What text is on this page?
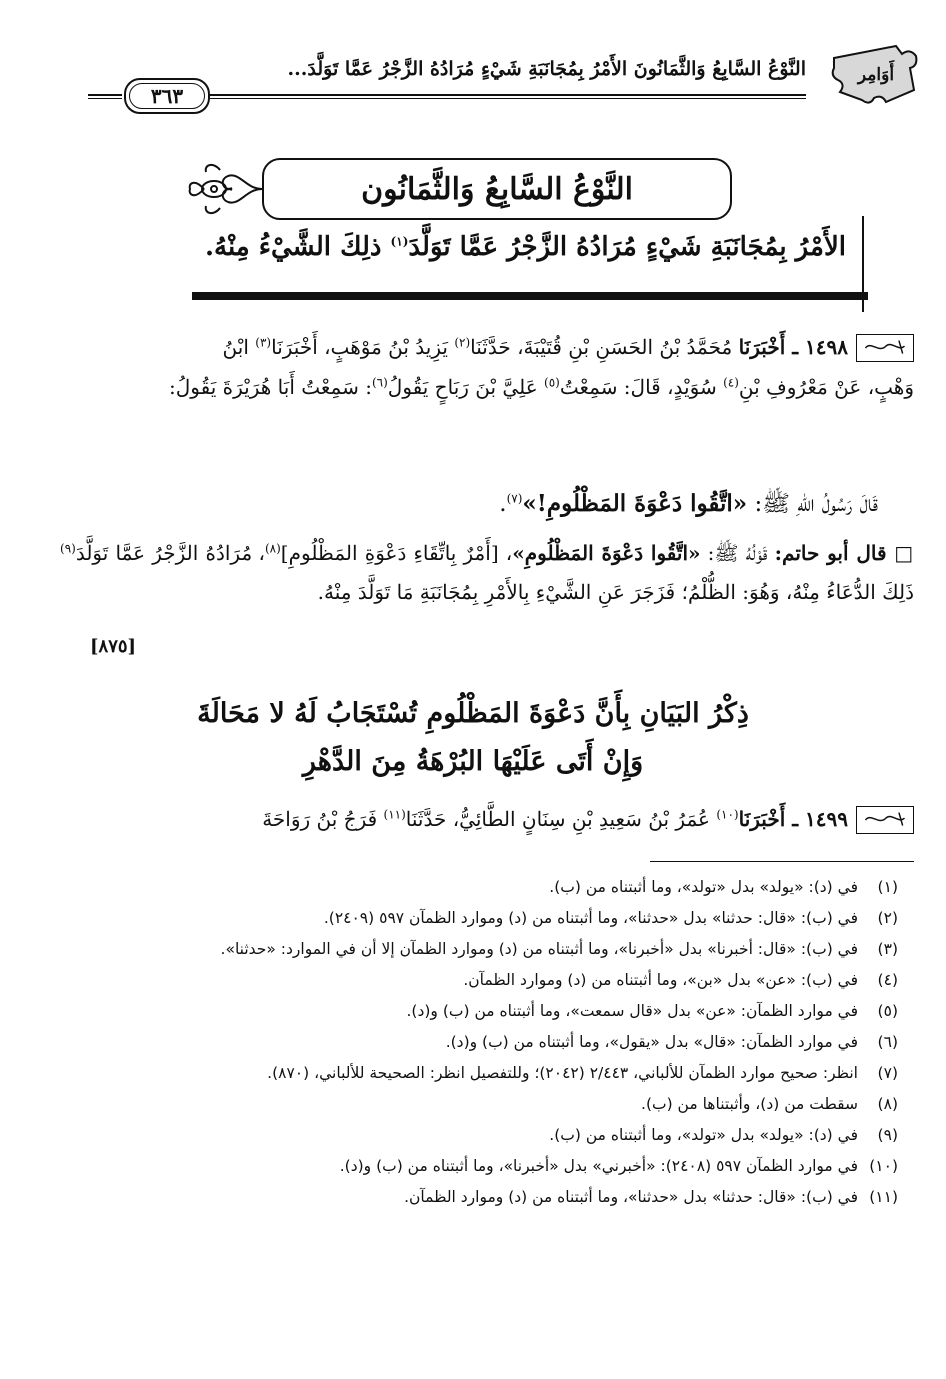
أَوَامِر
النَّوْعُ السَّابِعُ وَالثَّمَانُونَ الأَمْرُ بِمُجَانَبَةِ شَيْءٍ مُرَادُهُ الزَّجْرُ عَمَّا تَوَلَّدَ...
٣٦٣
النَّوْعُ السَّابِعُ وَالثَّمَانُون
الأَمْرُ بِمُجَانَبَةِ شَيْءٍ مُرَادُهُ الزَّجْرُ عَمَّا تَوَلَّدَ$^{(١)}$ ذلِكَ الشَّيْءُ مِنْهُ.
١٤٩٨ ـ أَخْبَرَنَا مُحَمَّدُ بْنُ الحَسَنِ بْنِ قُتَيْبَةَ، حَدَّثَنَا$^{(٢)}$ يَزِيدُ بْنُ مَوْهَبٍ، أَخْبَرَنَا$^{(٣)}$ ابْنُ
وَهْبٍ، عَنْ مَعْرُوفِ بْنِ$^{(٤)}$ سُوَيْدٍ، قَالَ: سَمِعْتُ$^{(٥)}$ عَلِيَّ بْنَ رَبَاحٍ يَقُولُ$^{(٦)}$: سَمِعْتُ أَبَا هُرَيْرَةَ يَقُولُ:
قَالَ رَسُولُ اللهِ ﷺ: «اتَّقُوا دَعْوَةَ المَظْلُومِ!»$^{(٧)}$.
□ قال أبو حاتم: قَوْلُهُ ﷺ: «اتَّقُوا دَعْوَةَ المَظْلُومِ»، [أَمْرٌ بِاتِّقَاءِ دَعْوَةِ المَظْلُومِ]$^{(٨)}$، مُرَادُهُ الزَّجْرُ عَمَّا تَوَلَّدَ$^{(٩)}$ ذَلِكَ الدُّعَاءُ مِنْهُ، وَهُوَ: الظُّلْمُ؛ فَزَجَرَ عَنِ الشَّيْءِ بِالأَمْرِ بِمُجَانَبَةِ مَا تَوَلَّدَ مِنْهُ.
[٨٧٥]
ذِكْرُ البَيَانِ بِأَنَّ دَعْوَةَ المَظْلُومِ تُسْتَجَابُ لَهُ لا مَحَالَةَ
وَإِنْ أَتَى عَلَيْهَا البُرْهَةُ مِنَ الدَّهْرِ
١٤٩٩ ـ أَخْبَرَنَا$^{(١٠)}$ عُمَرُ بْنُ سَعِيدِ بْنِ سِنَانٍ الطَّائِيُّ، حَدَّثَنَا$^{(١١)}$ فَرَجُ بْنُ رَوَاحَةَ
(١)
في (د): «يولد» بدل «تولد»، وما أثبتناه من (ب).
(٢)
في (ب): «قال: حدثنا» بدل «حدثنا»، وما أثبتناه من (د) وموارد الظمآن ٥٩٧ (٢٤٠٩).
(٣)
في (ب): «قال: أخبرنا» بدل «أخبرنا»، وما أثبتناه من (د) وموارد الظمآن إلا أن في الموارد: «حدثنا».
(٤)
في (ب): «عن» بدل «بن»، وما أثبتناه من (د) وموارد الظمآن.
(٥)
في موارد الظمآن: «عن» بدل «قال سمعت»، وما أثبتناه من (ب) و(د).
(٦)
في موارد الظمآن: «قال» بدل «يقول»، وما أثبتناه من (ب) و(د).
(٧)
انظر: صحيح موارد الظمآن للألباني، ٢/٤٤٣ (٢٠٤٢)؛ وللتفصيل انظر: الصحيحة للألباني، (٨٧٠).
(٨)
سقطت من (د)، وأثبتناها من (ب).
(٩)
في (د): «يولد» بدل «تولد»، وما أثبتناه من (ب).
(١٠)
في موارد الظمآن ٥٩٧ (٢٤٠٨): «أخبرني» بدل «أخبرنا»، وما أثبتناه من (ب) و(د).
(١١)
في (ب): «قال: حدثنا» بدل «حدثنا»، وما أثبتناه من (د) وموارد الظمآن.
